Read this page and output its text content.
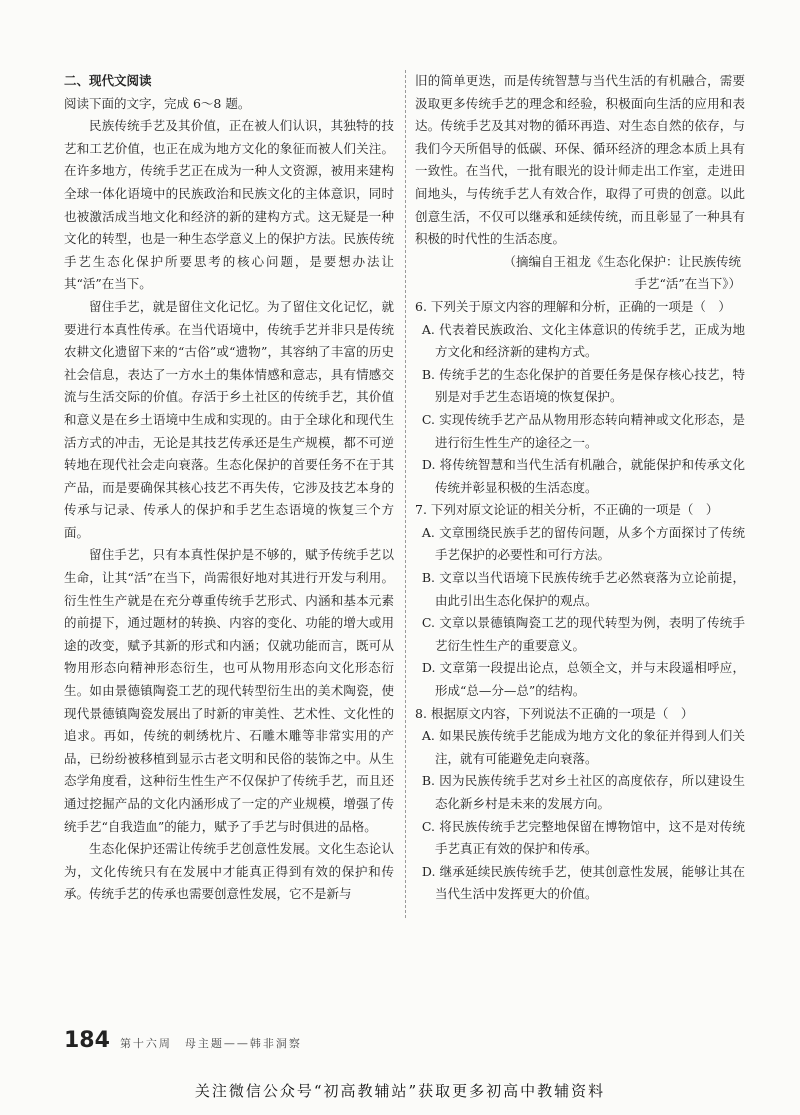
二、现代文阅读

阅读下面的文字，完成 6～8 题。

民族传统手艺及其价值，正在被人们认识，其独特的技艺和工艺价值，也正在成为地方文化的象征而被人们关注。在许多地方，传统手艺正在成为一种人文资源，被用来建构全球一体化语境中的民族政治和民族文化的主体意识，同时也被激活成当地文化和经济的新的建构方式。这无疑是一种文化的转型，也是一种生态学意义上的保护方法。民族传统手艺生态化保护所要思考的核心问题，是要想办法让其“活”在当下。

留住手艺，就是留住文化记忆。为了留住文化记忆，就要进行本真性传承。在当代语境中，传统手艺并非只是传统农耕文化遗留下来的“古俗”或“遗物”，其容纳了丰富的历史社会信息，表达了一方水土的集体情感和意志，具有情感交流与生活交际的价值。存活于乡土社区的传统手艺，其价值和意义是在乡土语境中生成和实现的。由于全球化和现代生活方式的冲击，无论是其技艺传承还是生产规模，都不可逆转地在现代社会走向衰落。生态化保护的首要任务不在于其产品，而是要确保其核心技艺不再失传，它涉及技艺本身的传承与记录、传承人的保护和手艺生态语境的恢复三个方面。

留住手艺，只有本真性保护是不够的，赋予传统手艺以生命，让其“活”在当下，尚需很好地对其进行开发与利用。衍生性生产就是在充分尊重传统手艺形式、内涵和基本元素的前提下，通过题材的转换、内容的变化、功能的增大或用途的改变，赋予其新的形式和内涵；仅就功能而言，既可从物用形态向精神形态衍生，也可从物用形态向文化形态衍生。如由景德镇陶瓷工艺的现代转型衍生出的美术陶瓷，使现代景德镇陶瓷发展出了时新的审美性、艺术性、文化性的追求。再如，传统的刺绣枕片、石雕木雕等非常实用的产品，已纷纷被移植到显示古老文明和民俗的装饰之中。从生态学角度看，这种衍生性生产不仅保护了传统手艺，而且还通过挖掘产品的文化内涵形成了一定的产业规模，增强了传统手艺“自我造血”的能力，赋予了手艺与时俱进的品格。

生态化保护还需让传统手艺创意性发展。文化生态论认为，文化传统只有在发展中才能真正得到有效的保护和传承。传统手艺的传承也需要创意性发展，它不是新与

旧的简单更迭，而是传统智慧与当代生活的有机融合，需要汲取更多传统手艺的理念和经验，积极面向生活的应用和表达。传统手艺及其对物的循环再造、对生态自然的依存，与我们今天所倡导的低碳、环保、循环经济的理念本质上具有一致性。在当代，一批有眼光的设计师走出工作室，走进田间地头，与传统手艺人有效合作，取得了可贵的创意。以此创意生活，不仅可以继承和延续传统，而且彰显了一种具有积极的时代性的生活态度。

（摘编自王祖龙《生态化保护：让民族传统
手艺“活”在当下》）

6. 下列关于原文内容的理解和分析，正确的一项是（　）

A. 代表着民族政治、文化主体意识的传统手艺，正成为地方文化和经济新的建构方式。

B. 传统手艺的生态化保护的首要任务是保存核心技艺，特别是对手艺生态语境的恢复保护。

C. 实现传统手艺产品从物用形态转向精神或文化形态，是进行衍生性生产的途径之一。

D. 将传统智慧和当代生活有机融合，就能保护和传承文化传统并彰显积极的生活态度。

7. 下列对原文论证的相关分析，不正确的一项是（　）

A. 文章围绕民族手艺的留传问题，从多个方面探讨了传统手艺保护的必要性和可行方法。

B. 文章以当代语境下民族传统手艺必然衰落为立论前提，由此引出生态化保护的观点。

C. 文章以景德镇陶瓷工艺的现代转型为例，表明了传统手艺衍生性生产的重要意义。

D. 文章第一段提出论点，总领全文，并与末段遥相呼应，形成“总—分—总”的结构。

8. 根据原文内容，下列说法不正确的一项是（　）

A. 如果民族传统手艺能成为地方文化的象征并得到人们关注，就有可能避免走向衰落。

B. 因为民族传统手艺对乡土社区的高度依存，所以建设生态化新乡村是未来的发展方向。

C. 将民族传统手艺完整地保留在博物馆中，这不是对传统手艺真正有效的保护和传承。

D. 继承延续民族传统手艺，使其创意性发展，能够让其在当代生活中发挥更大的价值。

184 第十六周　母主题——韩非洞察
关注微信公众号“初高教辅站”获取更多初高中教辅资料
